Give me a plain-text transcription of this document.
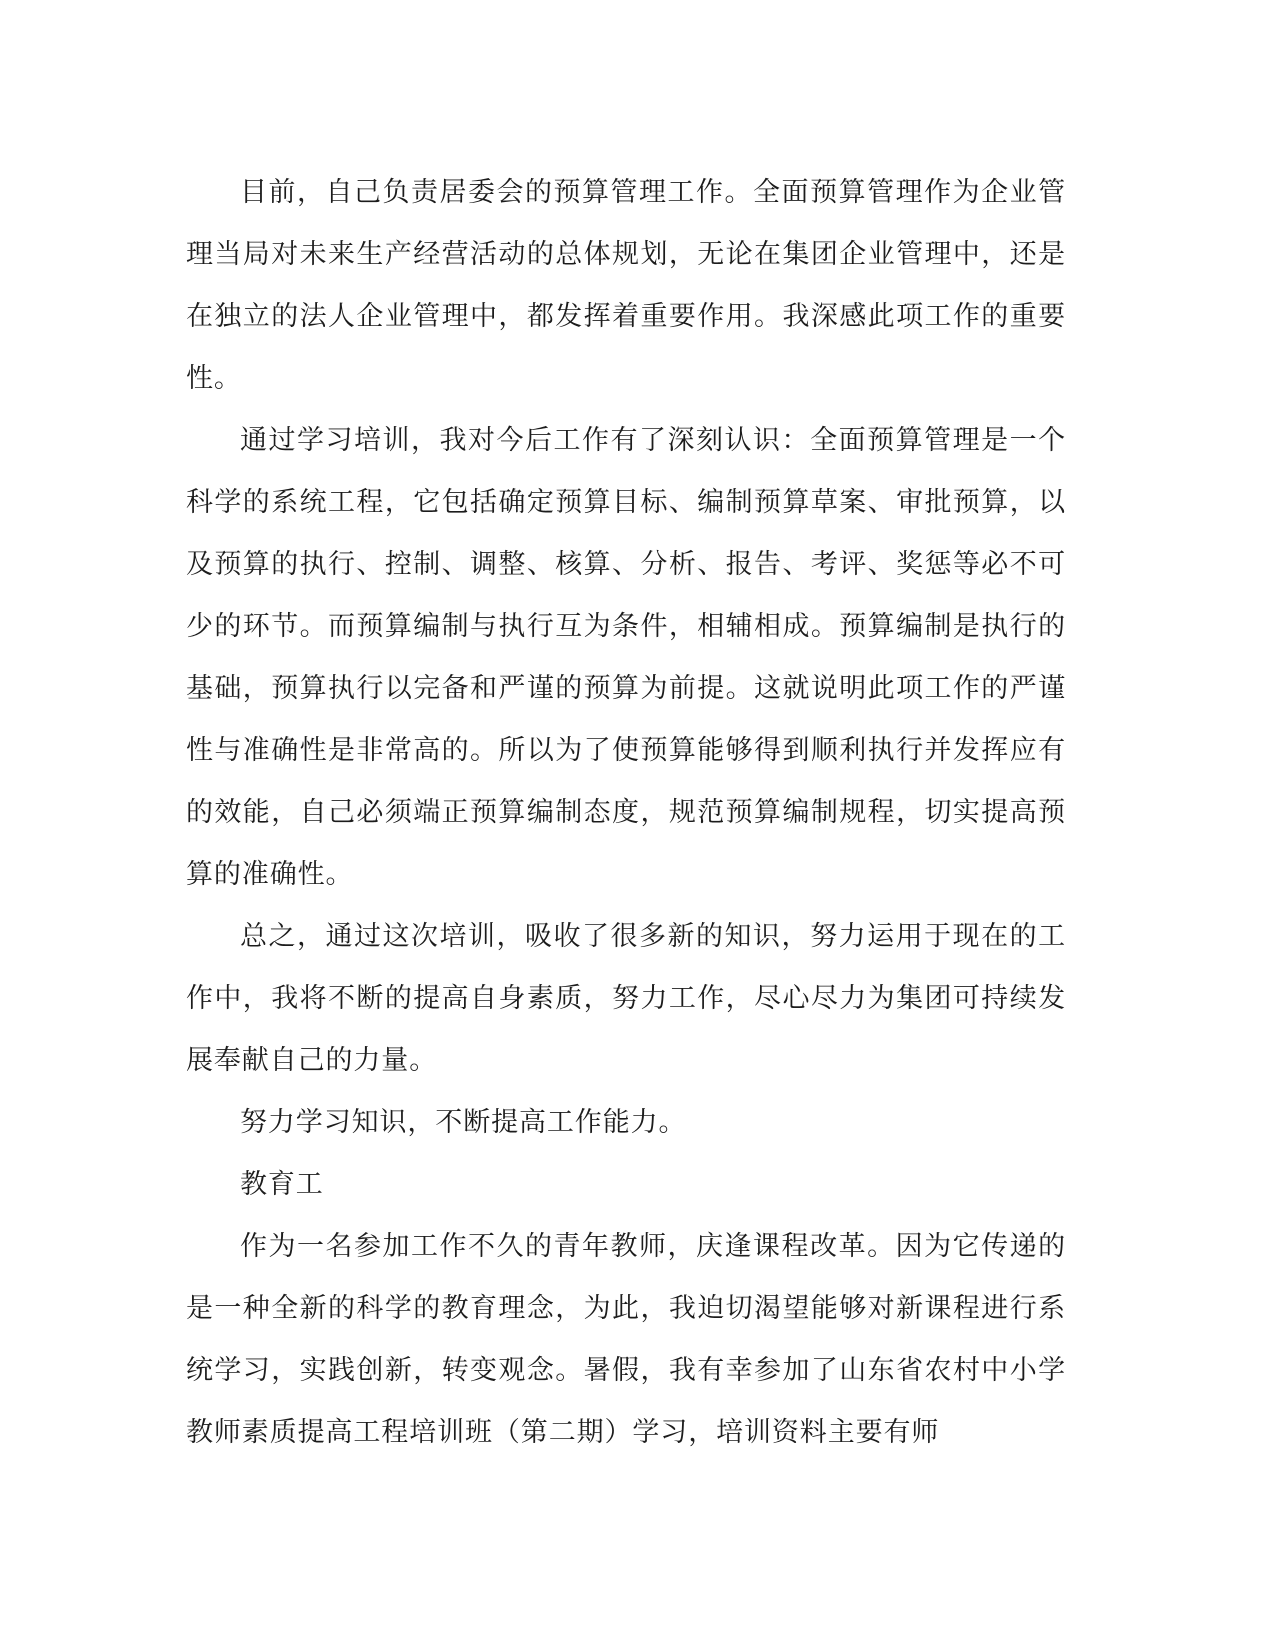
目前，自己负责居委会的预算管理工作。全面预算管理作为企业管理当局对未来生产经营活动的总体规划，无论在集团企业管理中，还是在独立的法人企业管理中，都发挥着重要作用。我深感此项工作的重要性。

通过学习培训，我对今后工作有了深刻认识：全面预算管理是一个科学的系统工程，它包括确定预算目标、编制预算草案、审批预算，以及预算的执行、控制、调整、核算、分析、报告、考评、奖惩等必不可少的环节。而预算编制与执行互为条件，相辅相成。预算编制是执行的基础，预算执行以完备和严谨的预算为前提。这就说明此项工作的严谨性与准确性是非常高的。所以为了使预算能够得到顺利执行并发挥应有的效能，自己必须端正预算编制态度，规范预算编制规程，切实提高预算的准确性。

总之，通过这次培训，吸收了很多新的知识，努力运用于现在的工作中，我将不断的提高自身素质，努力工作，尽心尽力为集团可持续发展奉献自己的力量。

努力学习知识，不断提高工作能力。

教育工

作为一名参加工作不久的青年教师，庆逢课程改革。因为它传递的是一种全新的科学的教育理念，为此，我迫切渴望能够对新课程进行系统学习，实践创新，转变观念。暑假，我有幸参加了山东省农村中小学教师素质提高工程培训班（第二期）学习，培训资料主要有师
